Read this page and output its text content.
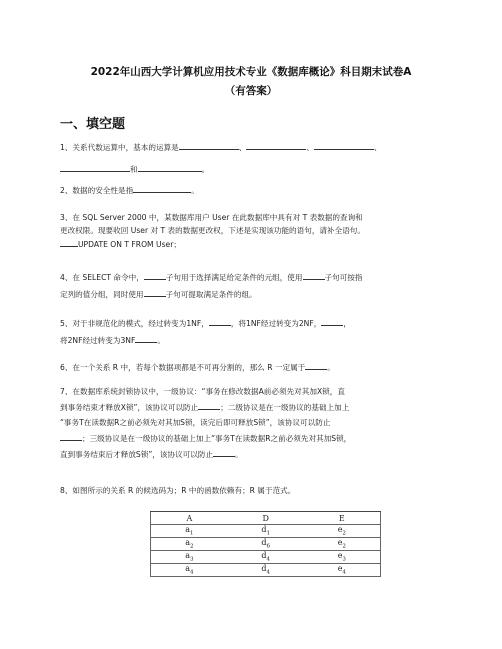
2022年山西大学计算机应用技术专业《数据库概论》科目期末试卷A
（有答案）
一、填空题
1、关系代数运算中，基本的运算是	、	、	、
和	。
2、数据的安全性是指	。
3、在 SQL Server 2000 中，某数据库用户 User 在此数据库中具有对 T 表数据的查询和
更改权限。现要收回 User 对 T 表的数据更改权，下述是实现该功能的语句，请补全语句。
UPDATE ON T FROM User；
4、在 SELECT 命令中，	子句用于选择满足给定条件的元组，使用	子句可按指
定列的值分组，同时使用	子句可提取满足条件的组。
5、对于非规范化的模式，经过转变为1NF，	，将1NF经过转变为2NF，	，
将2NF经过转变为3NF	。
6、在一个关系 R 中，若每个数据项都是不可再分割的，那么 R 一定属于	。
7、在数据库系统封锁协议中，一级协议：“事务在修改数据A前必须先对其加X锁，直
到事务结束才释放X锁”，该协议可以防止	；二级协议是在一级协议的基础上加上
“事务T在读数据R之前必须先对其加S锁，读完后即可释放S锁”，该协议可以防止
；三级协议是在一级协议的基础上加上“事务T在读数据R之前必须先对其加S锁，
直到事务结束后才释放S锁”，该协议可以防止	。
8、如图所示的关系 R 的候选码为；R 中的函数依赖有；R 属于范式。
A	D	E
$a_1$	$d_1$	$e_2$
$a_2$	$d_6$	$e_2$
$a_3$	$d_4$	$e_3$
$a_4$	$d_4$	$e_4$
